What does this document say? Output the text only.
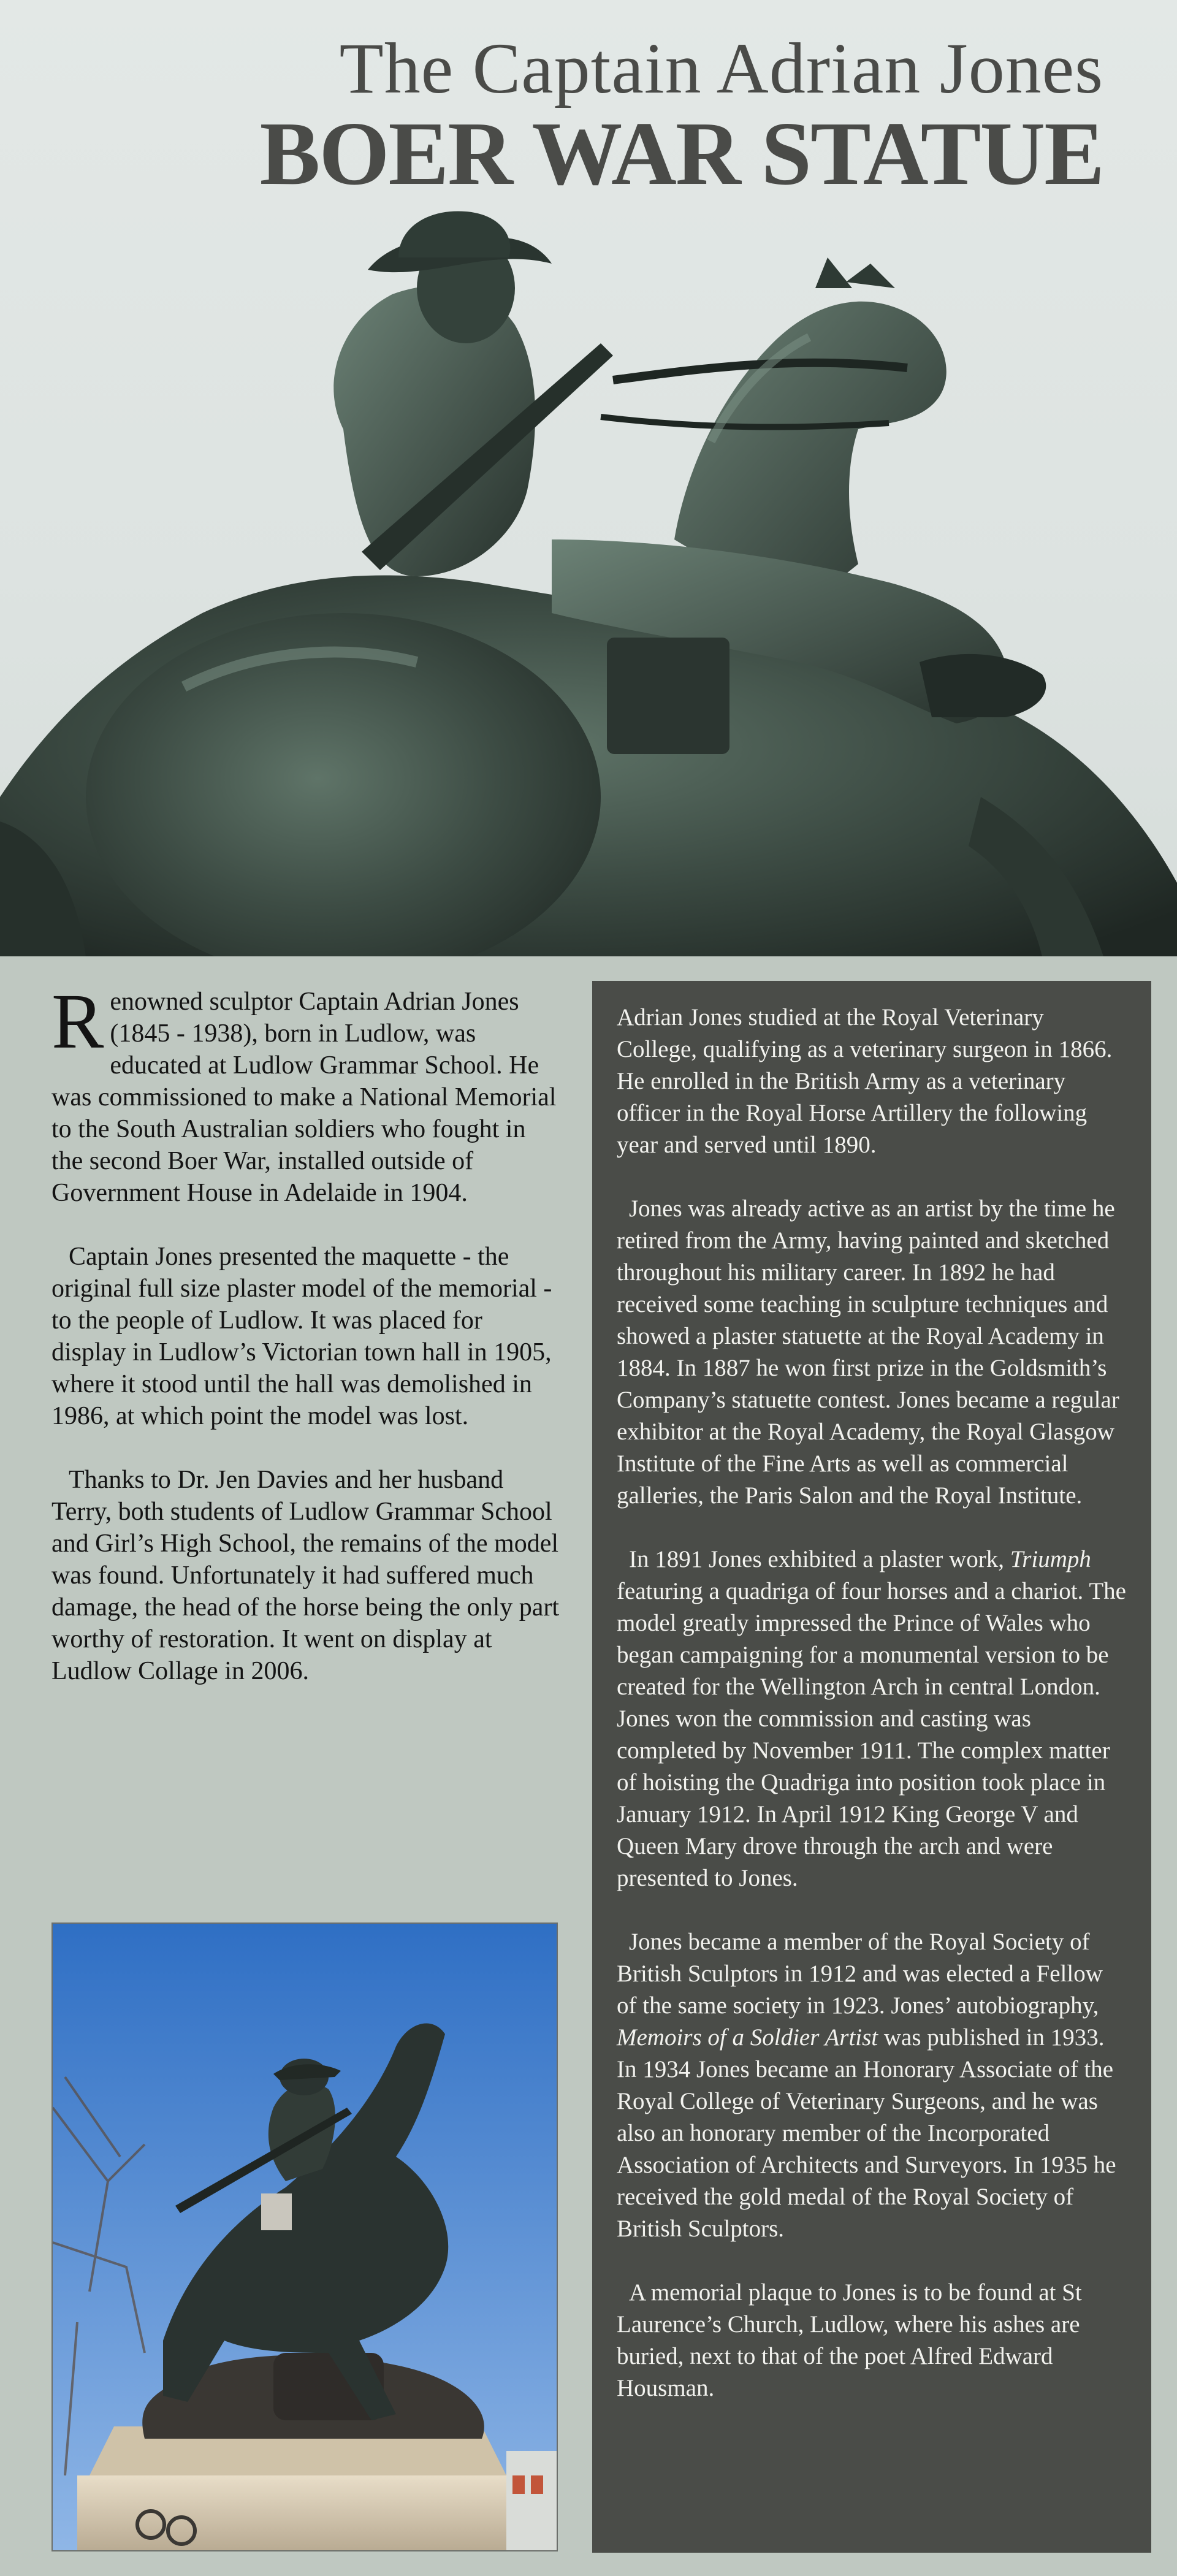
The Captain Adrian Jones
BOER WAR STATUE

Renowned sculptor Captain Adrian Jones (1845 - 1938), born in Ludlow, was educated at Ludlow Grammar School. He was commissioned to make a National Memorial to the South Australian soldiers who fought in the second Boer War, installed outside of Government House in Adelaide in 1904.

Captain Jones presented the maquette - the original full size plaster model of the memorial - to the people of Ludlow. It was placed for display in Ludlow’s Victorian town hall in 1905, where it stood until the hall was demolished in 1986, at which point the model was lost.

Thanks to Dr. Jen Davies and her husband Terry, both students of Ludlow Grammar School and Girl’s High School, the remains of the model was found. Unfortunately it had suffered much damage, the head of the horse being the only part worthy of restoration. It went on display at Ludlow Collage in 2006.

Adrian Jones studied at the Royal Veterinary College, qualifying as a veterinary surgeon in 1866. He enrolled in the British Army as a veterinary officer in the Royal Horse Artillery the following year and served until 1890.

Jones was already active as an artist by the time he retired from the Army, having painted and sketched throughout his military career. In 1892 he had received some teaching in sculpture techniques and showed a plaster statuette at the Royal Academy in 1884. In 1887 he won first prize in the Goldsmith’s Company’s statuette contest. Jones became a regular exhibitor at the Royal Academy, the Royal Glasgow Institute of the Fine Arts as well as commercial galleries, the Paris Salon and the Royal Institute.

In 1891 Jones exhibited a plaster work, Triumph featuring a quadriga of four horses and a chariot. The model greatly impressed the Prince of Wales who began campaigning for a monumental version to be created for the Wellington Arch in central London. Jones won the commission and casting was completed by November 1911. The complex matter of hoisting the Quadriga into position took place in January 1912. In April 1912 King George V and Queen Mary drove through the arch and were presented to Jones.

Jones became a member of the Royal Society of British Sculptors in 1912 and was elected a Fellow of the same society in 1923. Jones’ autobiography, Memoirs of a Soldier Artist was published in 1933. In 1934 Jones became an Honorary Associate of the Royal College of Veterinary Surgeons, and he was also an honorary member of the Incorporated Association of Architects and Surveyors. In 1935 he received the gold medal of the Royal Society of British Sculptors.

A memorial plaque to Jones is to be found at St Laurence’s Church, Ludlow, where his ashes are buried, next to that of the poet Alfred Edward Housman.
